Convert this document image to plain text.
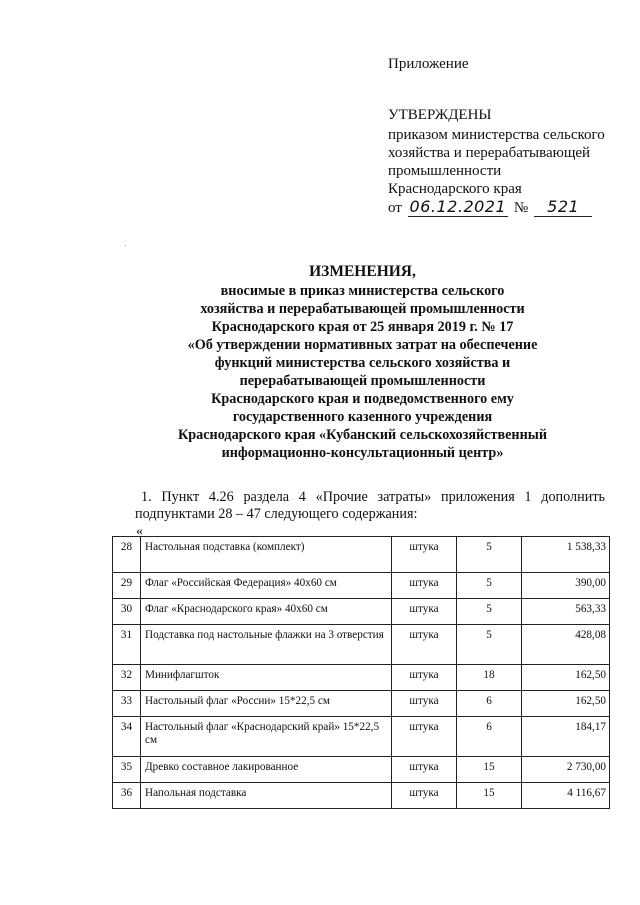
Приложение
УТВЕРЖДЕНЫ
приказом министерства сельского
хозяйства и перерабатывающей
промышленности
Краснодарского края
от 06.12.2021 №	521
ИЗМЕНЕНИЯ,
вносимые в приказ министерства сельского
хозяйства и перерабатывающей промышленности
Краснодарского края от 25 января 2019 г. № 17
«Об утверждении нормативных затрат на обеспечение
функций министерства сельского хозяйства и
перерабатывающей промышленности
Краснодарского края и подведомственного ему
государственного казенного учреждения
Краснодарского края «Кубанский сельскохозяйственный
информационно-консультационный центр»
1. Пункт 4.26 раздела 4 «Прочие затраты» приложения 1 дополнить
подпунктами 28 – 47 следующего содержания:
«
28	Настольная подставка (комплект)	штука	5	1 538,33
29	Флаг «Российская Федерация» 40х60 см	штука	5	390,00
30	Флаг «Краснодарского края» 40х60 см	штука	5	563,33
31	Подставка под настольные флажки на 3 отверстия	штука	5	428,08
32	Минифлагшток	штука	18	162,50
33	Настольный флаг «России» 15*22,5 см	штука	6	162,50
34	Настольный флаг «Краснодарский край» 15*22,5 см	штука	6	184,17
35	Древко составное лакированное	штука	15	2 730,00
36	Напольная подставка	штука	15	4 116,67
